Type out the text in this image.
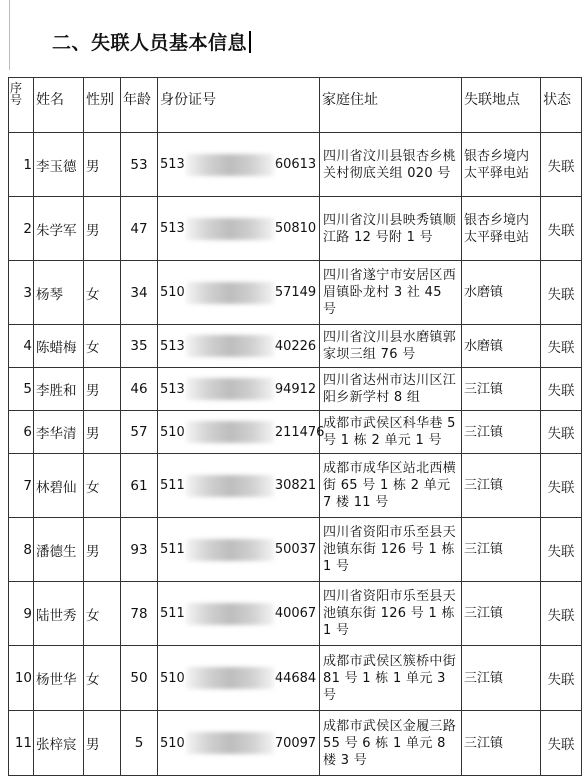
二、失联人员基本信息
序号	姓名	性别	年龄	身份证号	家庭住址	失联地点	状态
1	李玉德	男	53	513 60613	四川省汶川县银杏乡桃关村彻底关组 020 号	银杏乡境内太平驿电站	失联
2	朱学军	男	47	513 50810	四川省汶川县映秀镇顺江路 12 号附 1 号	银杏乡境内太平驿电站	失联
3	杨琴	女	34	510 57149	四川省遂宁市安居区西眉镇卧龙村 3 社 45 号	水磨镇	失联
4	陈蜡梅	女	35	513 40226	四川省汶川县水磨镇郭家坝三组 76 号	水磨镇	失联
5	李胜和	男	46	513 94912	四川省达州市达川区江阳乡新学村 8 组	三江镇	失联
6	李华清	男	57	510 211476	成都市武侯区科华巷 5 号 1 栋 2 单元 1 号	三江镇	失联
7	林碧仙	女	61	511 30821	成都市成华区站北西横街 65 号 1 栋 2 单元 7 楼 11 号	三江镇	失联
8	潘德生	男	93	511 50037	四川省资阳市乐至县天池镇东街 126 号 1 栋 1 号	三江镇	失联
9	陆世秀	女	78	511 40067	四川省资阳市乐至县天池镇东街 126 号 1 栋 1 号	三江镇	失联
10	杨世华	女	50	510 44684	成都市武侯区簇桥中街 81 号 1 栋 1 单元 3 号	三江镇	失联
11	张梓宸	男	5	510 70097	成都市武侯区金履三路 55 号 6 栋 1 单元 8 楼 3 号	三江镇	失联
